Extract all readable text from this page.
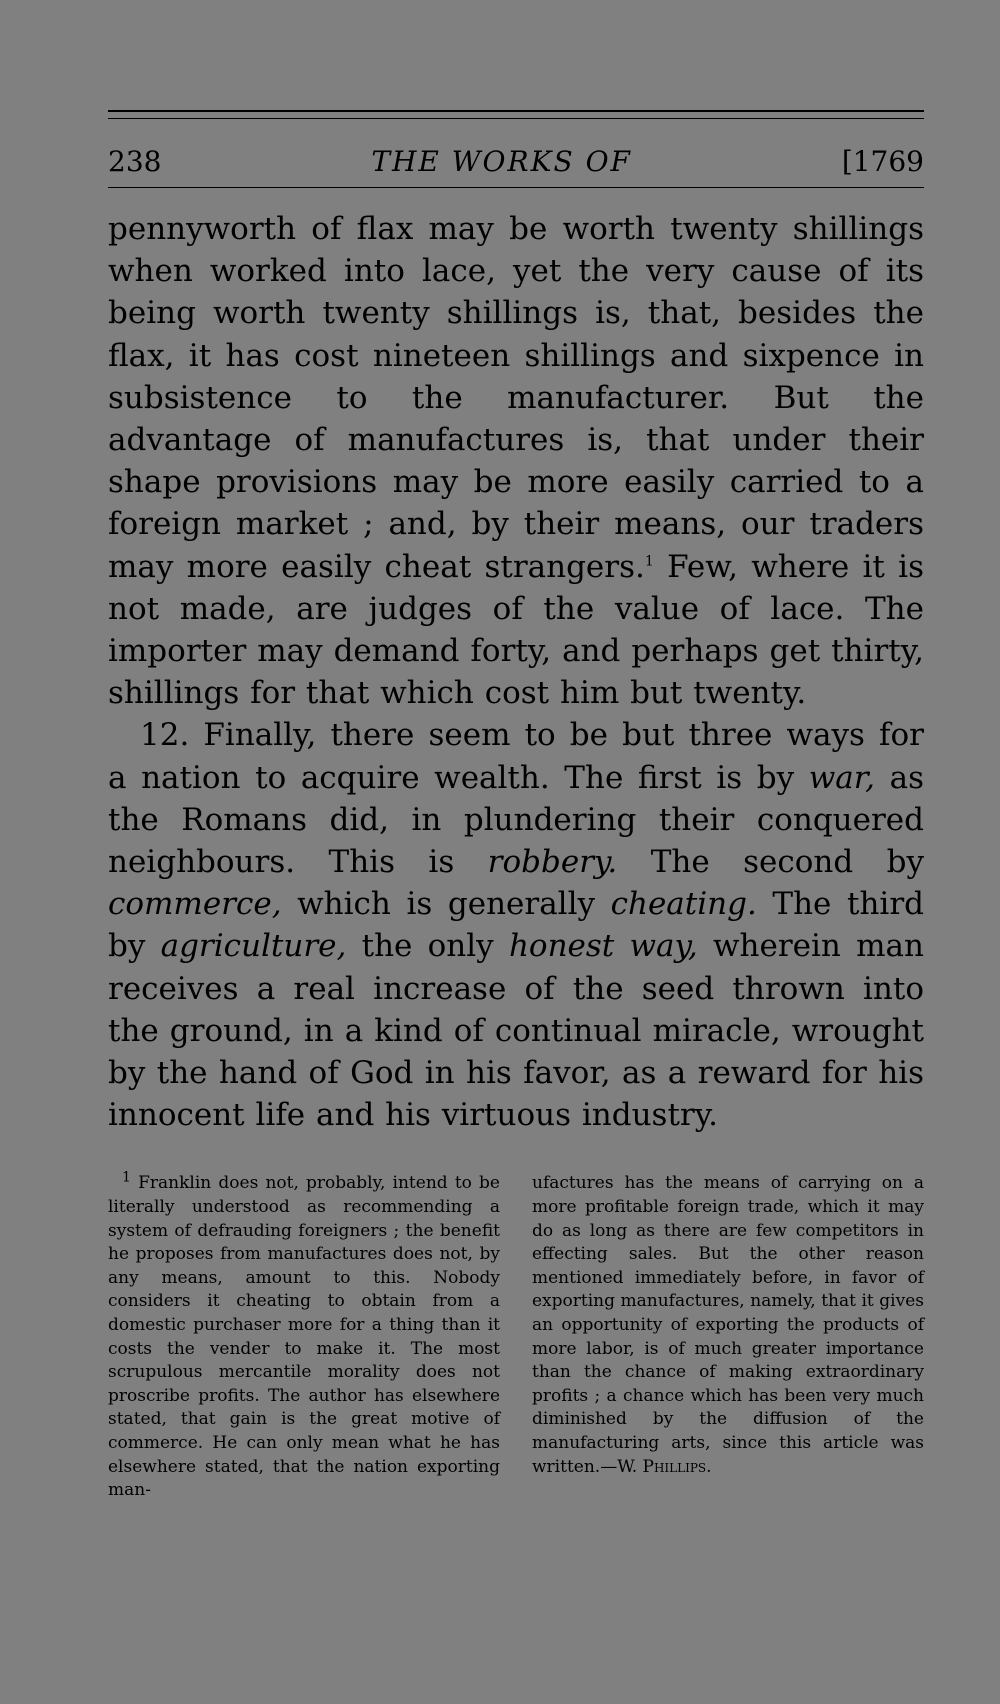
238	THE WORKS OF	[1769

pennyworth of flax may be worth twenty shillings when worked into lace, yet the very cause of its being worth twenty shillings is, that, besides the flax, it has cost nineteen shillings and sixpence in subsistence to the manufacturer. But the advantage of manufactures is, that under their shape provisions may be more easily carried to a foreign market ; and, by their means, our traders may more easily cheat strangers.$^1$ Few, where it is not made, are judges of the value of lace. The importer may demand forty, and perhaps get thirty, shillings for that which cost him but twenty.

12. Finally, there seem to be but three ways for a nation to acquire wealth. The first is by war, as the Romans did, in plundering their conquered neighbours. This is robbery. The second by commerce, which is generally cheating. The third by agriculture, the only honest way, wherein man receives a real increase of the seed thrown into the ground, in a kind of continual miracle, wrought by the hand of God in his favor, as a reward for his innocent life and his virtuous industry.

$^1$ Franklin does not, probably, intend to be literally understood as recommending a system of defrauding foreigners ; the benefit he proposes from manufactures does not, by any means, amount to this. Nobody considers it cheating to obtain from a domestic purchaser more for a thing than it costs the vender to make it. The most scrupulous mercantile morality does not proscribe profits. The author has elsewhere stated, that gain is the great motive of commerce. He can only mean what he has elsewhere stated, that the nation exporting man-

ufactures has the means of carrying on a more profitable foreign trade, which it may do as long as there are few competitors in effecting sales. But the other reason mentioned immediately before, in favor of exporting manufactures, namely, that it gives an opportunity of exporting the products of more labor, is of much greater importance than the chance of making extraordinary profits ; a chance which has been very much diminished by the diffusion of the manufacturing arts, since this article was written.—W. Phillips.
